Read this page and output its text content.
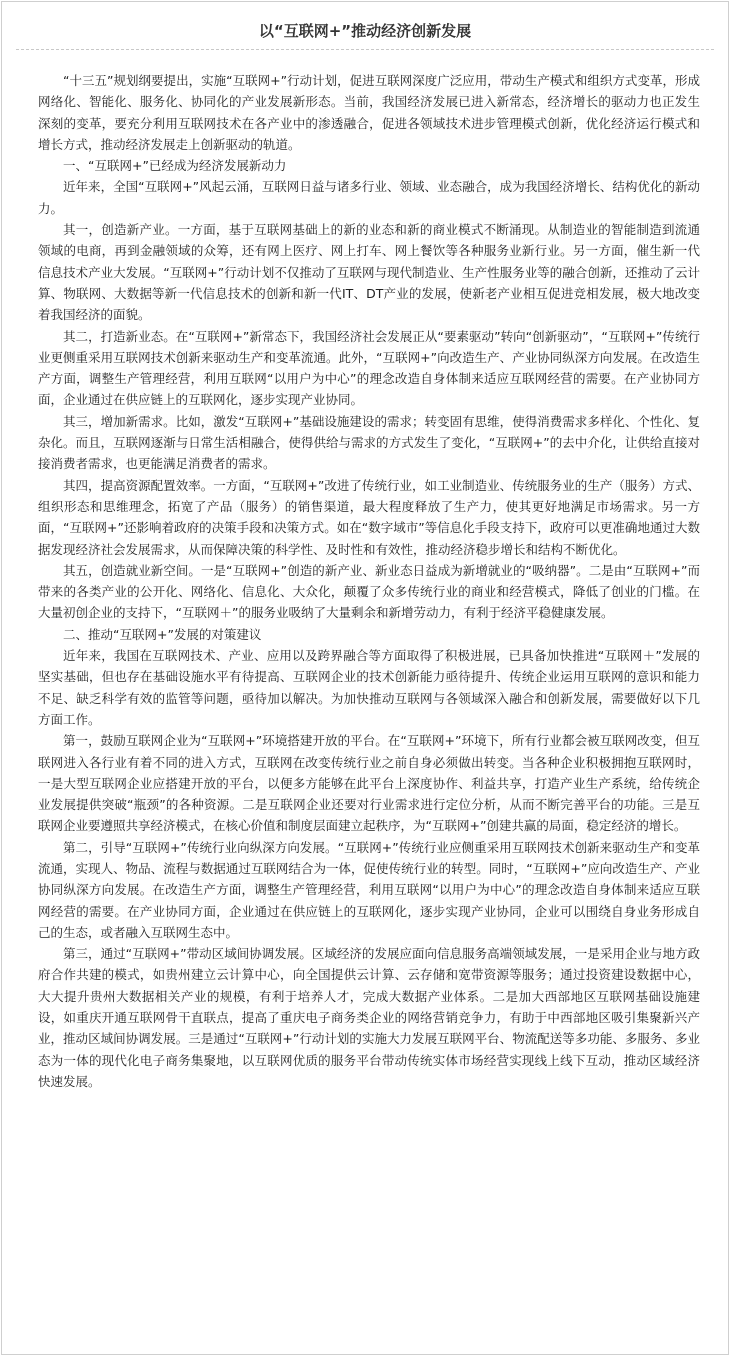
以“互联网+”推动经济创新发展

“十三五”规划纲要提出，实施“互联网+”行动计划，促进互联网深度广泛应用，带动生产模式和组织方式变革，形成网络化、智能化、服务化、协同化的产业发展新形态。当前，我国经济发展已进入新常态，经济增长的驱动力也正发生深刻的变革，要充分利用互联网技术在各产业中的渗透融合，促进各领域技术进步管理模式创新，优化经济运行模式和增长方式，推动经济发展走上创新驱动的轨道。

一、“互联网+”已经成为经济发展新动力

近年来，全国“互联网+”风起云涌，互联网日益与诸多行业、领域、业态融合，成为我国经济增长、结构优化的新动力。

其一，创造新产业。一方面，基于互联网基础上的新的业态和新的商业模式不断涌现。从制造业的智能制造到流通领域的电商，再到金融领域的众筹，还有网上医疗、网上打车、网上餐饮等各种服务业新行业。另一方面，催生新一代信息技术产业大发展。“互联网+”行动计划不仅推动了互联网与现代制造业、生产性服务业等的融合创新，还推动了云计算、物联网、大数据等新一代信息技术的创新和新一代IT、DT产业的发展，使新老产业相互促进竞相发展，极大地改变着我国经济的面貌。

其二，打造新业态。在“互联网+”新常态下，我国经济社会发展正从“要素驱动”转向“创新驱动”，“互联网+”传统行业更侧重采用互联网技术创新来驱动生产和变革流通。此外，“互联网+”向改造生产、产业协同纵深方向发展。在改造生产方面，调整生产管理经营，利用互联网“以用户为中心”的理念改造自身体制来适应互联网经营的需要。在产业协同方面，企业通过在供应链上的互联网化，逐步实现产业协同。

其三，增加新需求。比如，激发“互联网+”基础设施建设的需求；转变固有思维，使得消费需求多样化、个性化、复杂化。而且，互联网逐渐与日常生活相融合，使得供给与需求的方式发生了变化，“互联网+”的去中介化，让供给直接对接消费者需求，也更能满足消费者的需求。

其四，提高资源配置效率。一方面，“互联网+”改进了传统行业，如工业制造业、传统服务业的生产（服务）方式、组织形态和思维理念，拓宽了产品（服务）的销售渠道，最大程度释放了生产力，使其更好地满足市场需求。另一方面，“互联网+”还影响着政府的决策手段和决策方式。如在“数字域市”等信息化手段支持下，政府可以更准确地通过大数据发现经济社会发展需求，从而保障决策的科学性、及时性和有效性，推动经济稳步增长和结构不断优化。

其五，创造就业新空间。一是“互联网+”创造的新产业、新业态日益成为新增就业的“吸纳器”。二是由“互联网+”而带来的各类产业的公开化、网络化、信息化、大众化，颠覆了众多传统行业的商业和经营模式，降低了创业的门槛。在大量初创企业的支持下，“互联网＋”的服务业吸纳了大量剩余和新增劳动力，有利于经济平稳健康发展。

二、推动“互联网+”发展的对策建议

近年来，我国在互联网技术、产业、应用以及跨界融合等方面取得了积极进展，已具备加快推进“互联网＋”发展的坚实基础，但也存在基础设施水平有待提高、互联网企业的技术创新能力亟待提升、传统企业运用互联网的意识和能力不足、缺乏科学有效的监管等问题，亟待加以解决。为加快推动互联网与各领域深入融合和创新发展，需要做好以下几方面工作。

第一，鼓励互联网企业为“互联网+”环境搭建开放的平台。在“互联网+”环境下，所有行业都会被互联网改变，但互联网进入各行业有着不同的进入方式，互联网在改变传统行业之前自身必须做出转变。当各种企业积极拥抱互联网时，一是大型互联网企业应搭建开放的平台，以便多方能够在此平台上深度协作、利益共享，打造产业生产系统，给传统企业发展提供突破“瓶颈”的各种资源。二是互联网企业还要对行业需求进行定位分析，从而不断完善平台的功能。三是互联网企业要遵照共享经济模式，在核心价值和制度层面建立起秩序，为“互联网+”创建共赢的局面，稳定经济的增长。

第二，引导“互联网+”传统行业向纵深方向发展。“互联网+”传统行业应侧重采用互联网技术创新来驱动生产和变革流通，实现人、物品、流程与数据通过互联网结合为一体，促使传统行业的转型。同时，“互联网+”应向改造生产、产业协同纵深方向发展。在改造生产方面，调整生产管理经营，利用互联网“以用户为中心”的理念改造自身体制来适应互联网经营的需要。在产业协同方面，企业通过在供应链上的互联网化，逐步实现产业协同，企业可以围绕自身业务形成自己的生态，或者融入互联网生态中。

第三，通过“互联网+”带动区域间协调发展。区域经济的发展应面向信息服务高端领域发展，一是采用企业与地方政府合作共建的模式，如贵州建立云计算中心，向全国提供云计算、云存储和宽带资源等服务；通过投资建设数据中心，大大提升贵州大数据相关产业的规模，有利于培养人才，完成大数据产业体系。二是加大西部地区互联网基础设施建设，如重庆开通互联网骨干直联点，提高了重庆电子商务类企业的网络营销竞争力，有助于中西部地区吸引集聚新兴产业，推动区域间协调发展。三是通过“互联网+”行动计划的实施大力发展互联网平台、物流配送等多功能、多服务、多业态为一体的现代化电子商务集聚地，以互联网优质的服务平台带动传统实体市场经营实现线上线下互动，推动区域经济快速发展。
